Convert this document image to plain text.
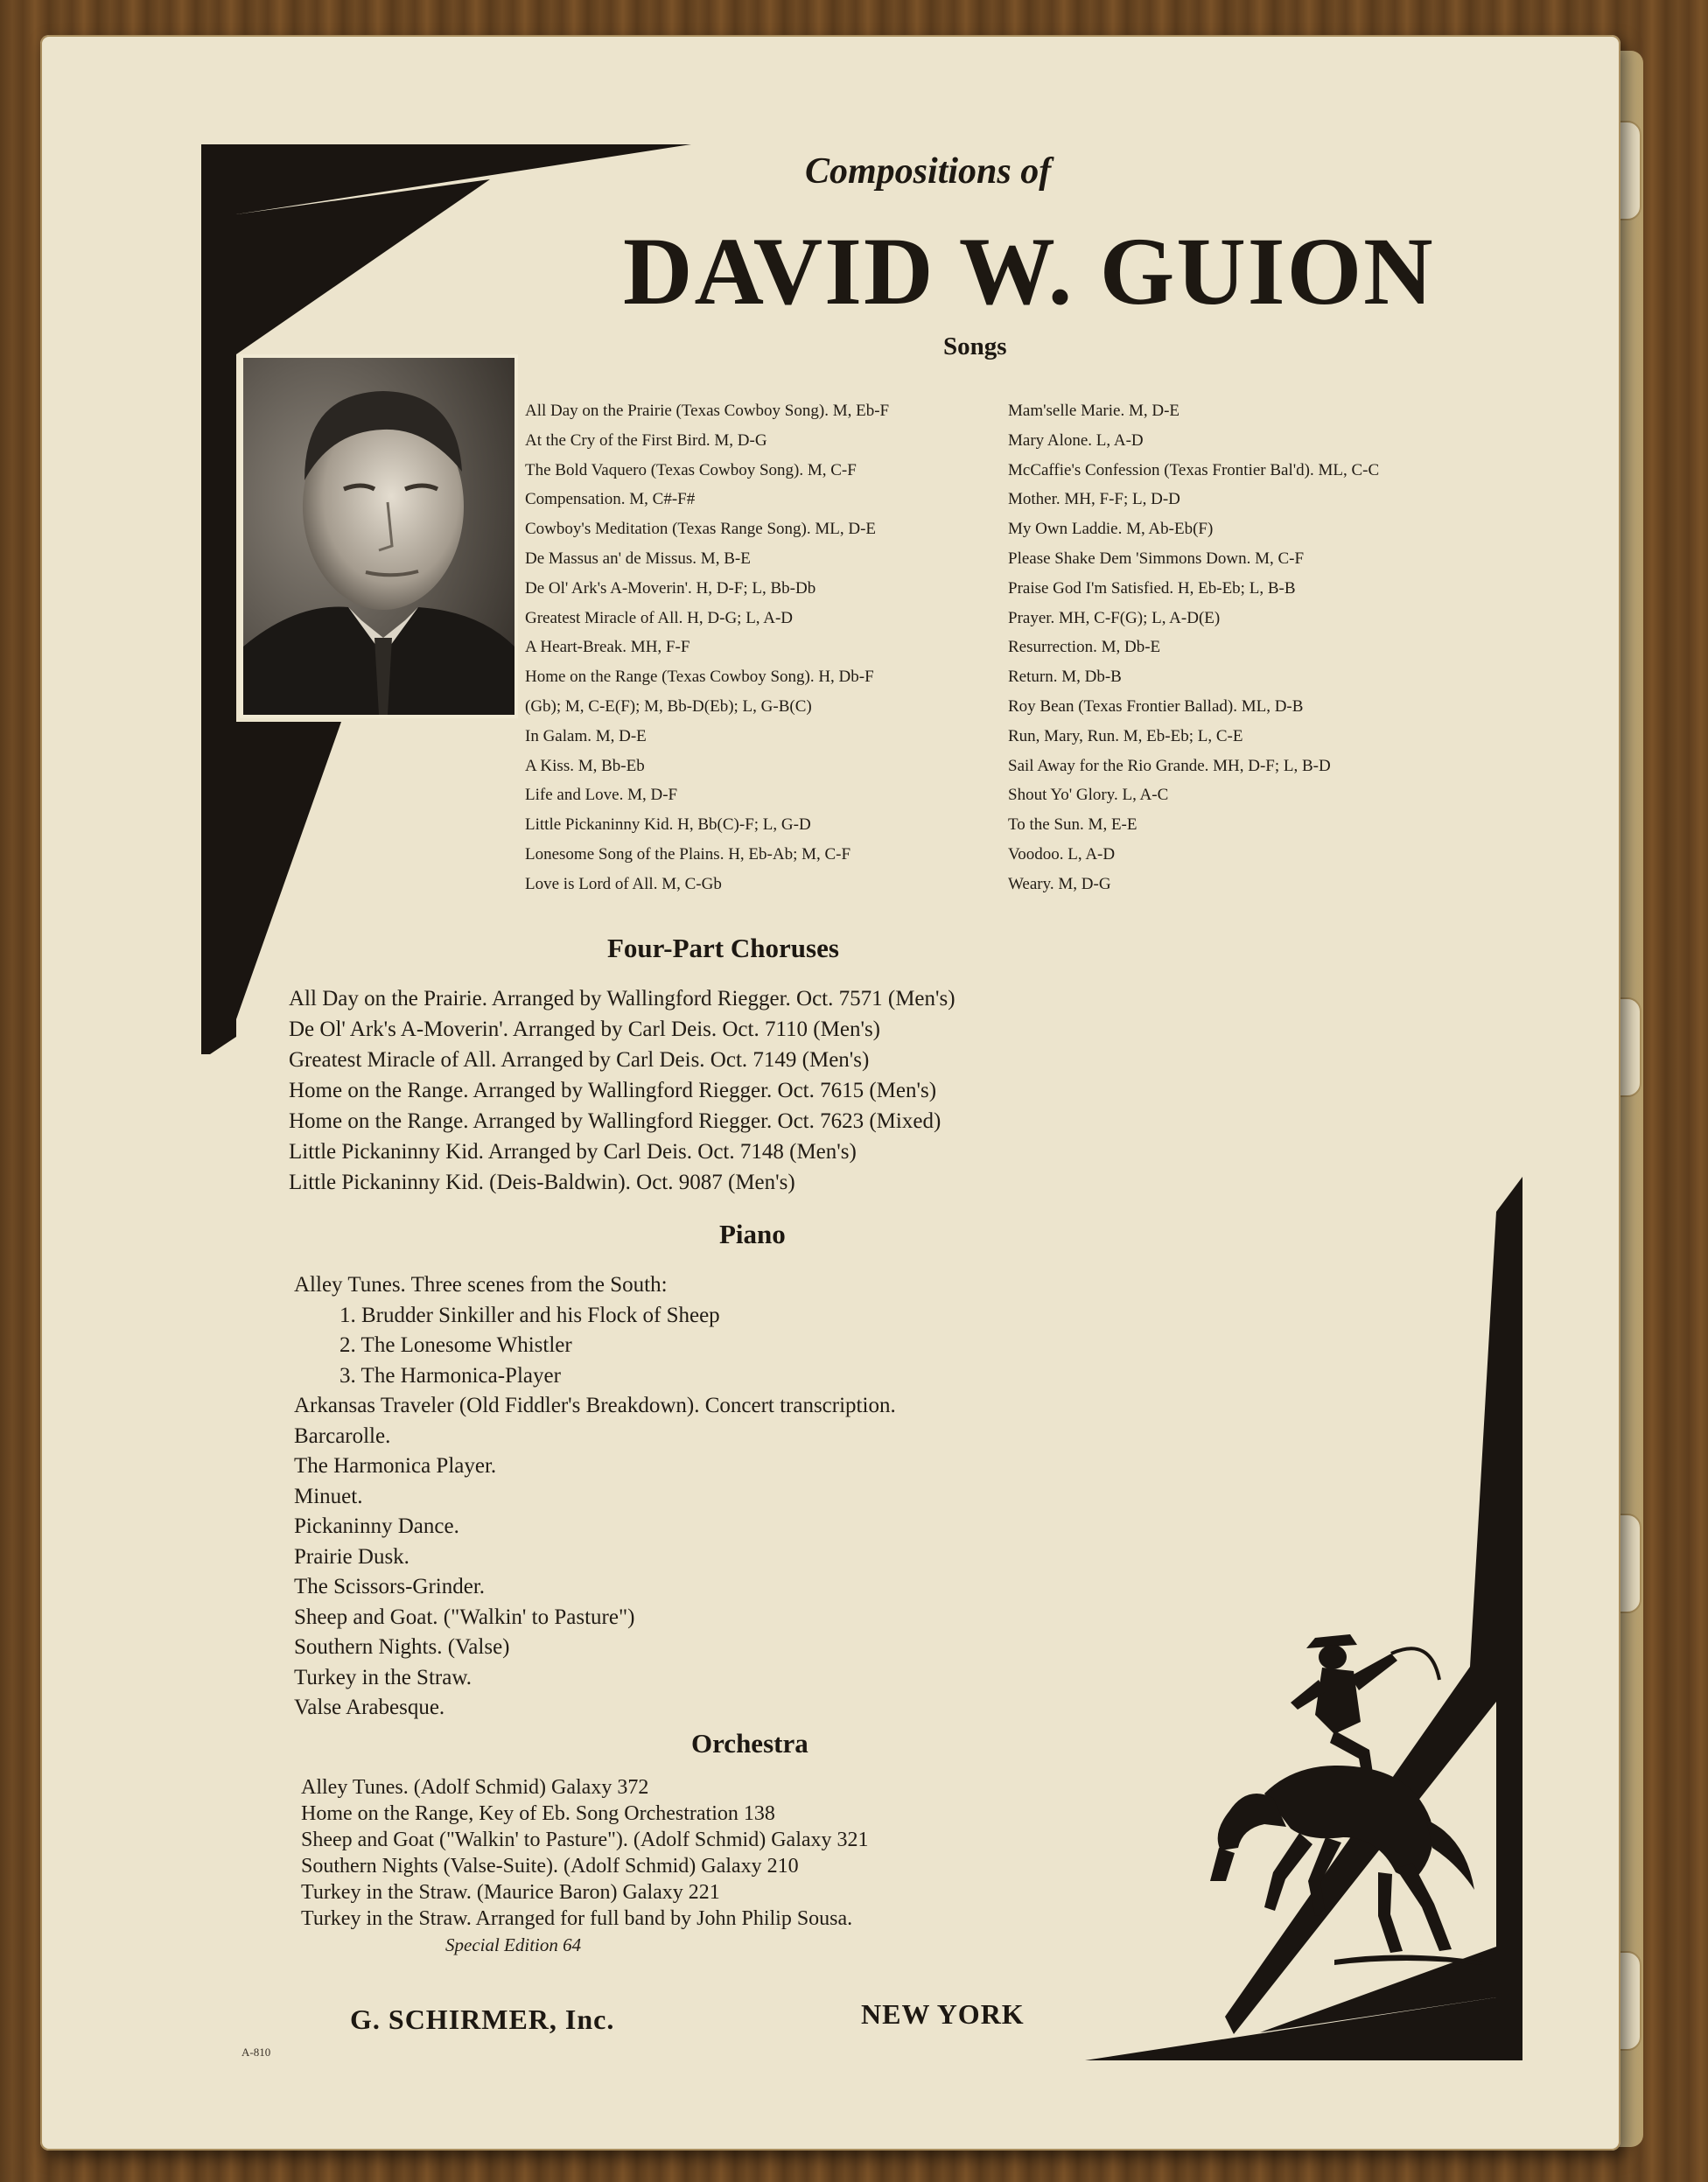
Compositions of
DAVID W. GUION
Songs
All Day on the Prairie (Texas Cowboy Song). M, Eb-F
At the Cry of the First Bird. M, D-G
The Bold Vaquero (Texas Cowboy Song). M, C-F
Compensation. M, C#-F#
Cowboy's Meditation (Texas Range Song). ML, D-E
De Massus an' de Missus. M, B-E
De Ol' Ark's A-Moverin'. H, D-F; L, Bb-Db
Greatest Miracle of All. H, D-G; L, A-D
A Heart-Break. MH, F-F
Home on the Range (Texas Cowboy Song). H, Db-F
(Gb); M, C-E(F); M, Bb-D(Eb); L, G-B(C)
In Galam. M, D-E
A Kiss. M, Bb-Eb
Life and Love. M, D-F
Little Pickaninny Kid. H, Bb(C)-F; L, G-D
Lonesome Song of the Plains. H, Eb-Ab; M, C-F
Love is Lord of All. M, C-Gb
Mam'selle Marie. M, D-E
Mary Alone. L, A-D
McCaffie's Confession (Texas Frontier Bal'd). ML, C-C
Mother. MH, F-F; L, D-D
My Own Laddie. M, Ab-Eb(F)
Please Shake Dem 'Simmons Down. M, C-F
Praise God I'm Satisfied. H, Eb-Eb; L, B-B
Prayer. MH, C-F(G); L, A-D(E)
Resurrection. M, Db-E
Return. M, Db-B
Roy Bean (Texas Frontier Ballad). ML, D-B
Run, Mary, Run. M, Eb-Eb; L, C-E
Sail Away for the Rio Grande. MH, D-F; L, B-D
Shout Yo' Glory. L, A-C
To the Sun. M, E-E
Voodoo. L, A-D
Weary. M, D-G
Four-Part Choruses
All Day on the Prairie. Arranged by Wallingford Riegger. Oct. 7571 (Men's)
De Ol' Ark's A-Moverin'. Arranged by Carl Deis. Oct. 7110 (Men's)
Greatest Miracle of All. Arranged by Carl Deis. Oct. 7149 (Men's)
Home on the Range. Arranged by Wallingford Riegger. Oct. 7615 (Men's)
Home on the Range. Arranged by Wallingford Riegger. Oct. 7623 (Mixed)
Little Pickaninny Kid. Arranged by Carl Deis. Oct. 7148 (Men's)
Little Pickaninny Kid. (Deis-Baldwin). Oct. 9087 (Men's)
Piano
Alley Tunes. Three scenes from the South:
1. Brudder Sinkiller and his Flock of Sheep
2. The Lonesome Whistler
3. The Harmonica-Player
Arkansas Traveler (Old Fiddler's Breakdown). Concert transcription.
Barcarolle.
The Harmonica Player.
Minuet.
Pickaninny Dance.
Prairie Dusk.
The Scissors-Grinder.
Sheep and Goat. ("Walkin' to Pasture")
Southern Nights. (Valse)
Turkey in the Straw.
Valse Arabesque.
Orchestra
Alley Tunes. (Adolf Schmid) Galaxy 372
Home on the Range, Key of Eb. Song Orchestration 138
Sheep and Goat ("Walkin' to Pasture"). (Adolf Schmid) Galaxy 321
Southern Nights (Valse-Suite). (Adolf Schmid) Galaxy 210
Turkey in the Straw. (Maurice Baron) Galaxy 221
Turkey in the Straw. Arranged for full band by John Philip Sousa.
Special Edition 64
G. SCHIRMER, Inc.	NEW YORK
A-810
